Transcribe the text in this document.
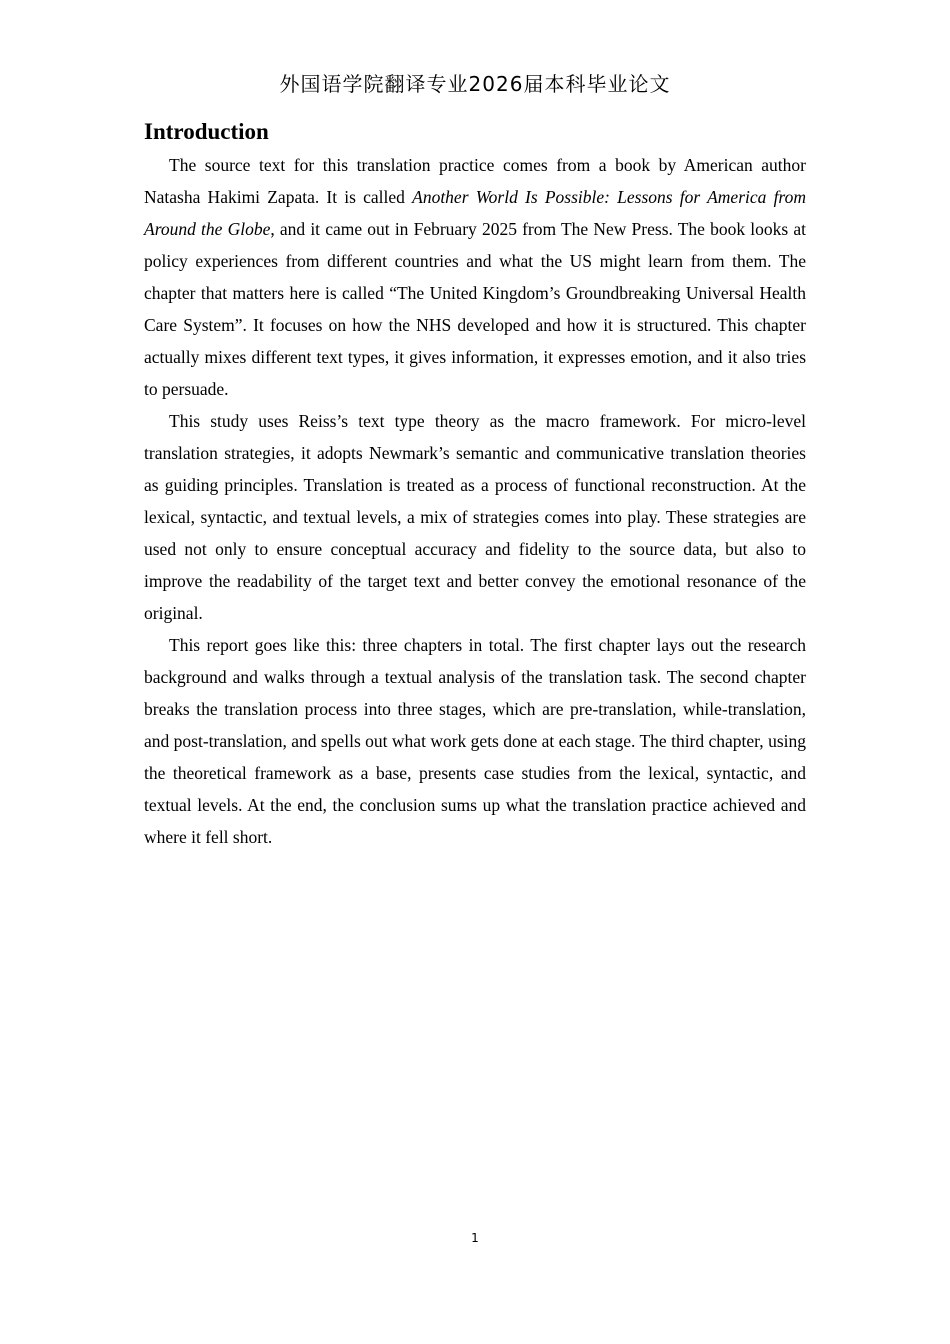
外国语学院翻译专业2026届本科毕业论文
Introduction

The source text for this translation practice comes from a book by American author Natasha Hakimi Zapata. It is called Another World Is Possible: Lessons for America from Around the Globe, and it came out in February 2025 from The New Press. The book looks at policy experiences from different countries and what the US might learn from them. The chapter that matters here is called “The United Kingdom’s Groundbreaking Universal Health Care System”. It focuses on how the NHS developed and how it is structured. This chapter actually mixes different text types, it gives information, it expresses emotion, and it also tries to persuade.

This study uses Reiss’s text type theory as the macro framework. For micro-level translation strategies, it adopts Newmark’s semantic and communicative translation theories as guiding principles. Translation is treated as a process of functional reconstruction. At the lexical, syntactic, and textual levels, a mix of strategies comes into play. These strategies are used not only to ensure conceptual accuracy and fidelity to the source data, but also to improve the readability of the target text and better convey the emotional resonance of the original.

This report goes like this: three chapters in total. The first chapter lays out the research background and walks through a textual analysis of the translation task. The second chapter breaks the translation process into three stages, which are pre-translation, while-translation, and post-translation, and spells out what work gets done at each stage. The third chapter, using the theoretical framework as a base, presents case studies from the lexical, syntactic, and textual levels. At the end, the conclusion sums up what the translation practice achieved and where it fell short.

1
